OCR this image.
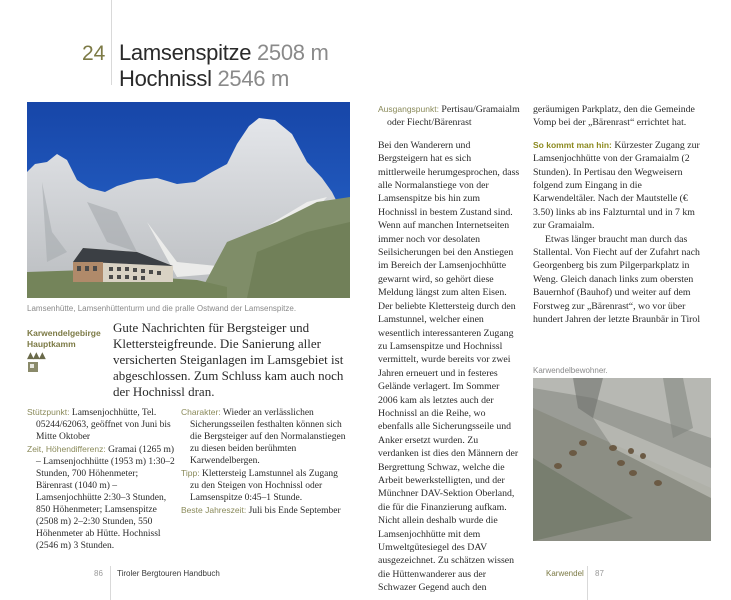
24 Lamsenspitze 2508 m
Hochnissl 2546 m
Lamsenhütte, Lamsenhüttenturm und die pralle Ostwand der Lamsenspitze.
Karwendelgebirge
Hauptkamm
▲▲▲
Gute Nachrichten für Bergsteiger und Klettersteigfreunde. Die Sanierung aller versicherten Steiganlagen im Lamsgebiet ist abgeschlossen. Zum Schluss kam auch noch der Hochnissl dran.

Stützpunkt: Lamsenjochhütte, Tel. 05244/62063, geöffnet von Juni bis Mitte Oktober

Zeit, Höhendifferenz: Gramai (1265 m) – Lamsenjochhütte (1953 m) 1:30–2 Stunden, 700 Höhenmeter; Bärenrast (1040 m) – Lamsenjochhütte 2:30–3 Stunden, 850 Höhenmeter; Lamsenspitze (2508 m) 2–2:30 Stunden, 550 Höhenmeter ab Hütte. Hochnissl (2546 m) 3 Stunden.

Charakter: Wieder an verlässlichen Sicherungsseilen festhalten können sich die Bergsteiger auf den Normalanstiegen zu diesen beiden berühmten Karwendelbergen.

Tipp: Klettersteig Lamstunnel als Zugang zu den Steigen von Hochnissl oder Lamsenspitze 0:45–1 Stunde.

Beste Jahreszeit: Juli bis Ende September

Ausgangspunkt: Pertisau/Gramaialm oder Fiecht/Bärenrast

Bei den Wanderern und Bergsteigern hat es sich mittlerweile herumgesprochen, dass alle Normalanstiege von der Lamsenspitze bis hin zum Hochnissl in bestem Zustand sind. Wenn auf manchen Internetseiten immer noch vor desolaten Seilsicherungen bei den Anstiegen im Bereich der Lamsenjochhütte gewarnt wird, so gehört diese Meldung längst zum alten Eisen. Der beliebte Klettersteig durch den Lamstunnel, welcher einen wesentlich interessanteren Zugang zu Lamsenspitze und Hochnissl vermittelt, wurde bereits vor zwei Jahren erneuert und in festeres Gelände verlagert. Im Sommer 2006 kam als letztes auch der Hochnissl an die Reihe, wo ebenfalls alle Sicherungsseile und Anker ersetzt wurden. Zu verdanken ist dies den Männern der Bergrettung Schwaz, welche die Arbeit bewerkstelligten, und der Münchner DAV-Sektion Oberland, die für die Finanzierung aufkam. Nicht allein deshalb wurde die Lamsenjochhütte mit dem Umweltgütesiegel des DAV ausgezeichnet. Zu schätzen wissen die Hüttenwanderer aus der Schwazer Gegend auch den

geräumigen Parkplatz, den die Gemeinde Vomp bei der „Bärenrast“ errichtet hat.

So kommt man hin: Kürzester Zugang zur Lamsenjochhütte von der Gramaialm (2 Stunden). In Pertisau den Wegweisern folgend zum Eingang in die Karwendeltäler. Nach der Mautstelle (€ 3.50) links ab ins Falzturntal und in 7 km zur Gramaialm.

Etwas länger braucht man durch das Stallental. Von Fiecht auf der Zufahrt nach Georgenberg bis zum Pilgerparkplatz in Weng. Gleich danach links zum obersten Bauernhof (Bauhof) und weiter auf dem Forstweg zur „Bärenrast“, wo vor über hundert Jahren der letzte Braunbär in Tirol

Karwendelbewohner.
86 Tiroler Bergtouren Handbuch	Karwendel 87
